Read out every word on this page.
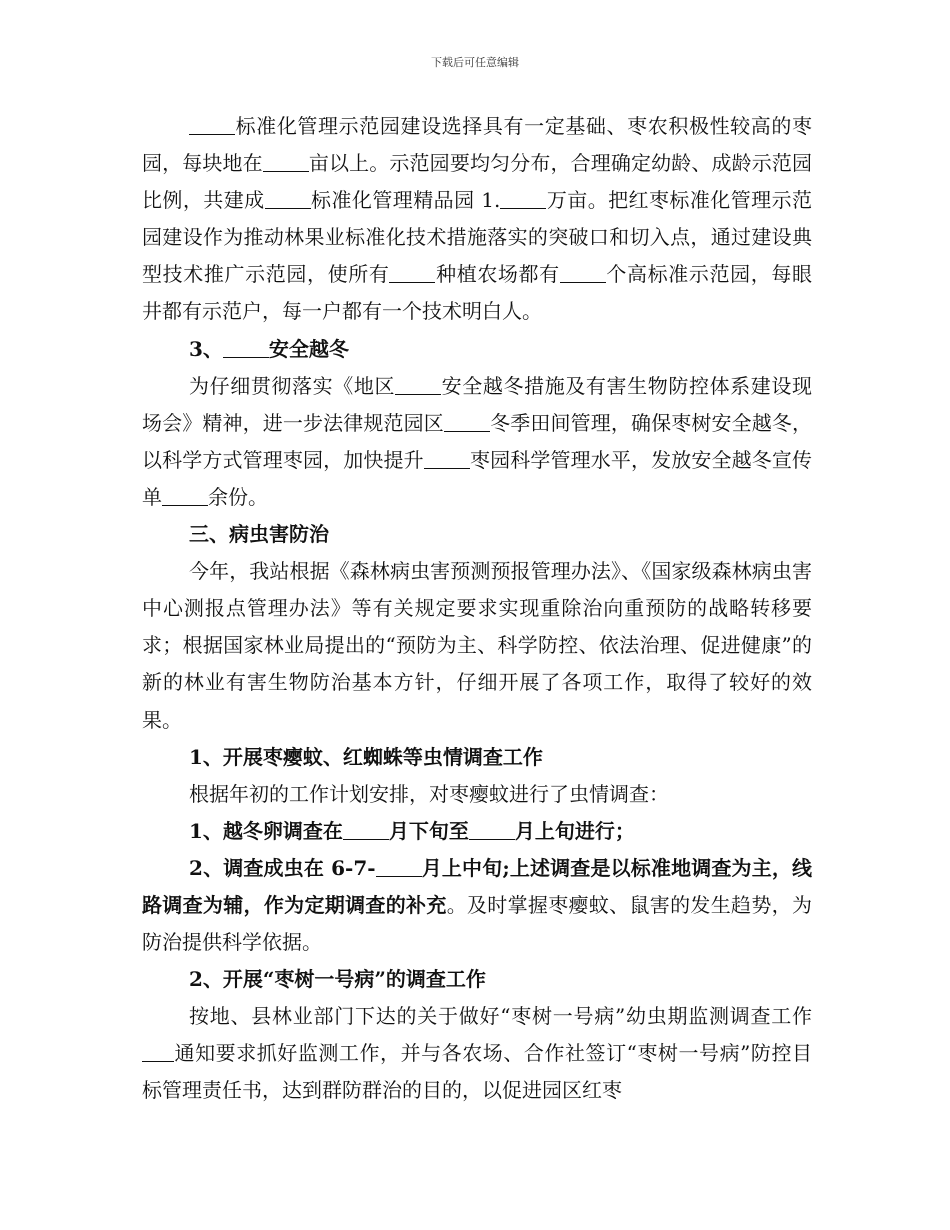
下载后可任意编辑

标准化管理示范园建设选择具有一定基础、枣农积极性较高的枣园，每块地在 亩以上。示范园要均匀分布，合理确定幼龄、成龄示范园比例，共建成 标准化管理精品园 1. 万亩。把红枣标准化管理示范园建设作为推动林果业标准化技术措施落实的突破口和切入点，通过建设典型技术推广示范园，使所有 种植农场都有 个高标准示范园，每眼井都有示范户，每一户都有一个技术明白人。

3、 安全越冬

为仔细贯彻落实《地区 安全越冬措施及有害生物防控体系建设现场会》精神，进一步法律规范园区 冬季田间管理，确保枣树安全越冬，以科学方式管理枣园，加快提升 枣园科学管理水平，发放安全越冬宣传单 余份。

三、病虫害防治

今年，我站根据《森林病虫害预测预报管理办法》、《国家级森林病虫害中心测报点管理办法》等有关规定要求实现重除治向重预防的战略转移要求；根据国家林业局提出的“预防为主、科学防控、依法治理、促进健康”的新的林业有害生物防治基本方针，仔细开展了各项工作，取得了较好的效果。

1、开展枣瘿蚊、红蜘蛛等虫情调查工作

根据年初的工作计划安排，对枣瘿蚊进行了虫情调查：

1、越冬卵调查在 月下旬至 月上旬进行；

2、调查成虫在 6-7- 月上中旬;上述调查是以标准地调查为主，线路调查为辅，作为定期调查的补充。及时掌握枣瘿蚊、鼠害的发生趋势，为防治提供科学依据。

2、开展“枣树一号病”的调查工作

按地、县林业部门下达的关于做好“枣树一号病”幼虫期监测调查工作通知要求抓好监测工作，并与各农场、合作社签订“枣树一号病”防控目标管理责任书，达到群防群治的目的，以促进园区红枣
